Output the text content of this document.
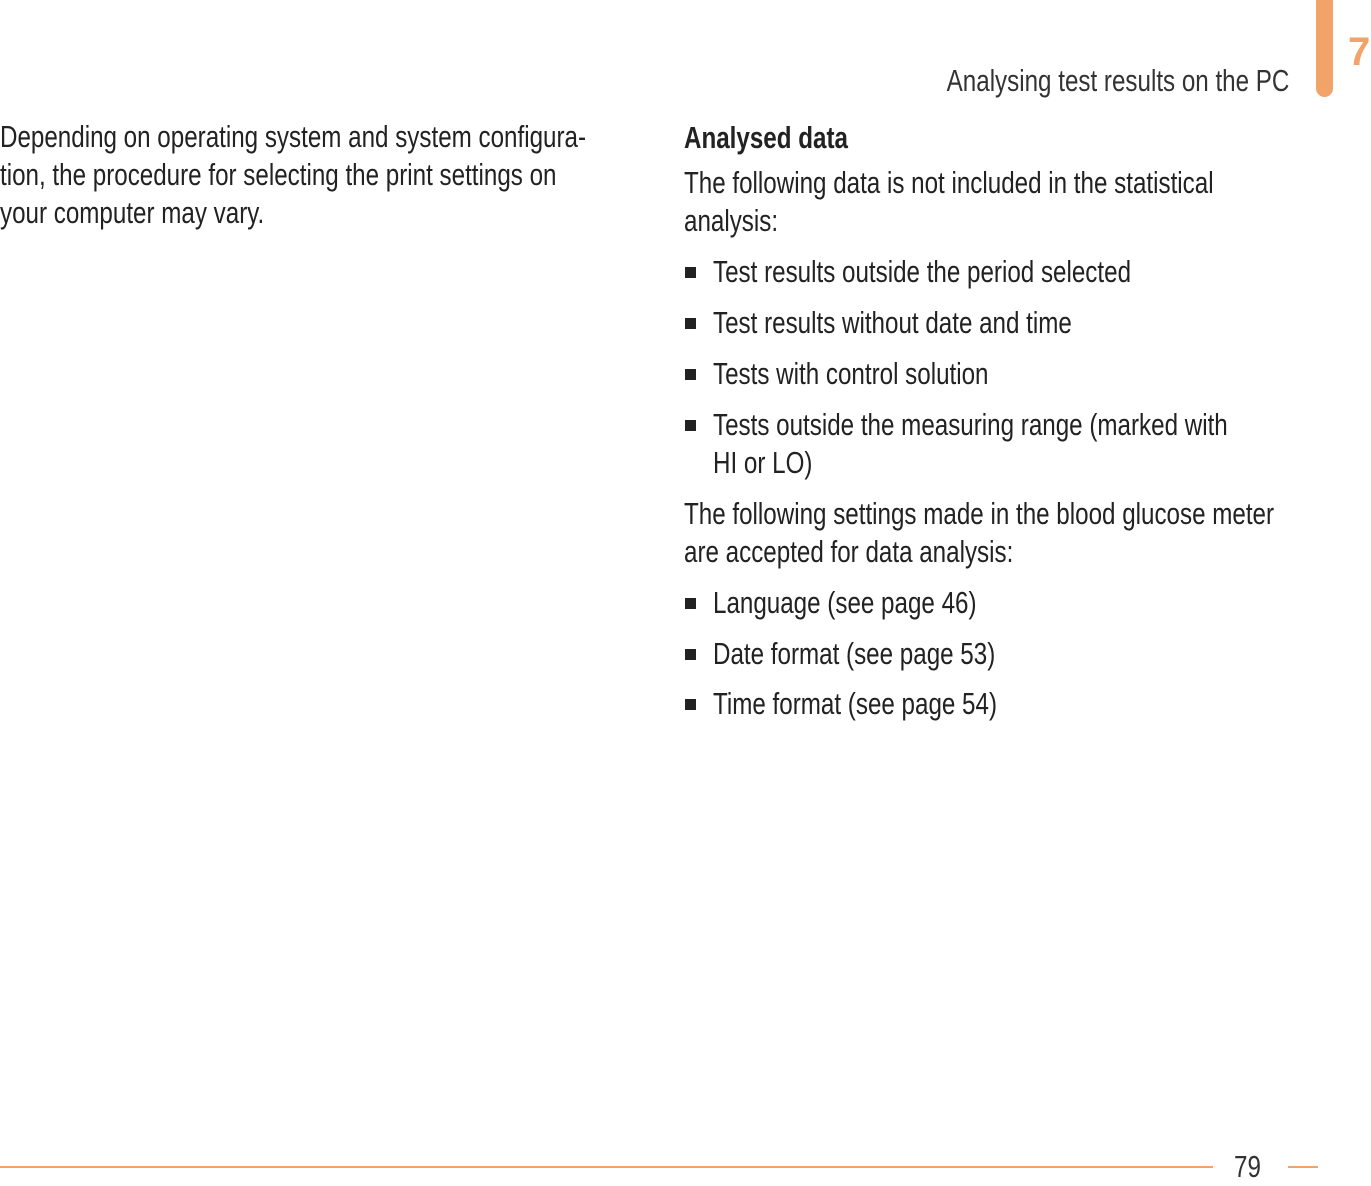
Analysing test results on the PC
7
Depending on operating system and system configura-
tion, the procedure for selecting the print settings on
your computer may vary.
Analysed data
The following data is not included in the statistical
analysis:
Test results outside the period selected
Test results without date and time
Tests with control solution
Tests outside the measuring range (marked with
HI or LO)
The following settings made in the blood glucose meter
are accepted for data analysis:
Language (see page 46)
Date format (see page 53)
Time format (see page 54)
79
